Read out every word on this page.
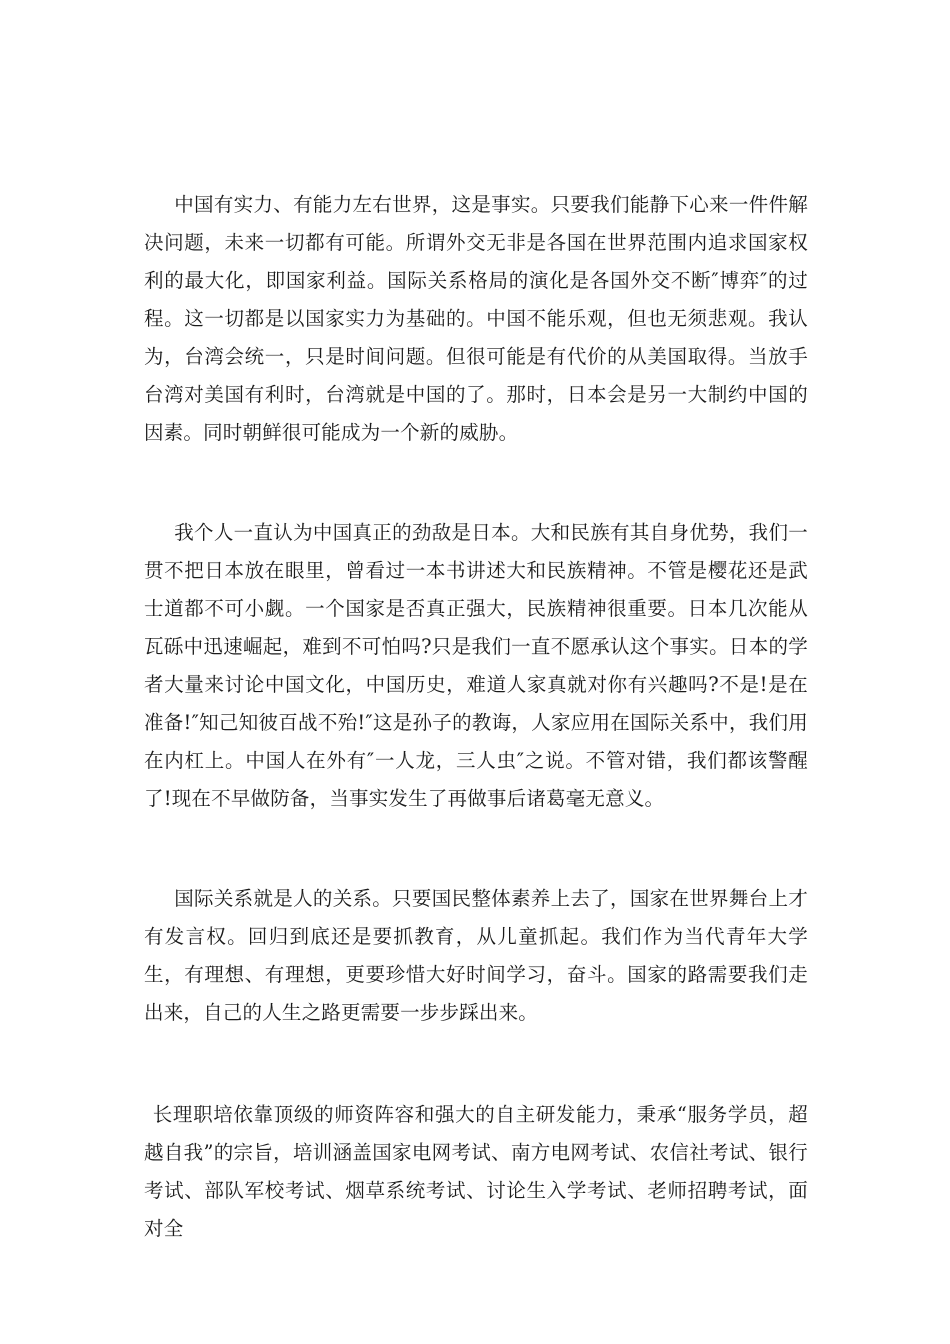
中国有实力、有能力左右世界，这是事实。只要我们能静下心来一件件解决问题，未来一切都有可能。所谓外交无非是各国在世界范围内追求国家权利的最大化，即国家利益。国际关系格局的演化是各国外交不断″博弈″的过程。这一切都是以国家实力为基础的。中国不能乐观，但也无须悲观。我认为，台湾会统一，只是时间问题。但很可能是有代价的从美国取得。当放手台湾对美国有利时，台湾就是中国的了。那时，日本会是另一大制约中国的因素。同时朝鲜很可能成为一个新的威胁。

我个人一直认为中国真正的劲敌是日本。大和民族有其自身优势，我们一贯不把日本放在眼里，曾看过一本书讲述大和民族精神。不管是樱花还是武士道都不可小觑。一个国家是否真正强大，民族精神很重要。日本几次能从瓦砾中迅速崛起，难到不可怕吗?只是我们一直不愿承认这个事实。日本的学者大量来讨论中国文化，中国历史，难道人家真就对你有兴趣吗?不是!是在准备!″知己知彼百战不殆!″这是孙子的教诲，人家应用在国际关系中，我们用在内杠上。中国人在外有″一人龙，三人虫″之说。不管对错，我们都该警醒了!现在不早做防备，当事实发生了再做事后诸葛毫无意义。

国际关系就是人的关系。只要国民整体素养上去了，国家在世界舞台上才有发言权。回归到底还是要抓教育，从儿童抓起。我们作为当代青年大学生，有理想、有理想，更要珍惜大好时间学习，奋斗。国家的路需要我们走出来，自己的人生之路更需要一步步踩出来。

长理职培依靠顶级的师资阵容和强大的自主研发能力，秉承“服务学员，超越自我”的宗旨，培训涵盖国家电网考试、南方电网考试、农信社考试、银行考试、部队军校考试、烟草系统考试、讨论生入学考试、老师招聘考试，面对全
